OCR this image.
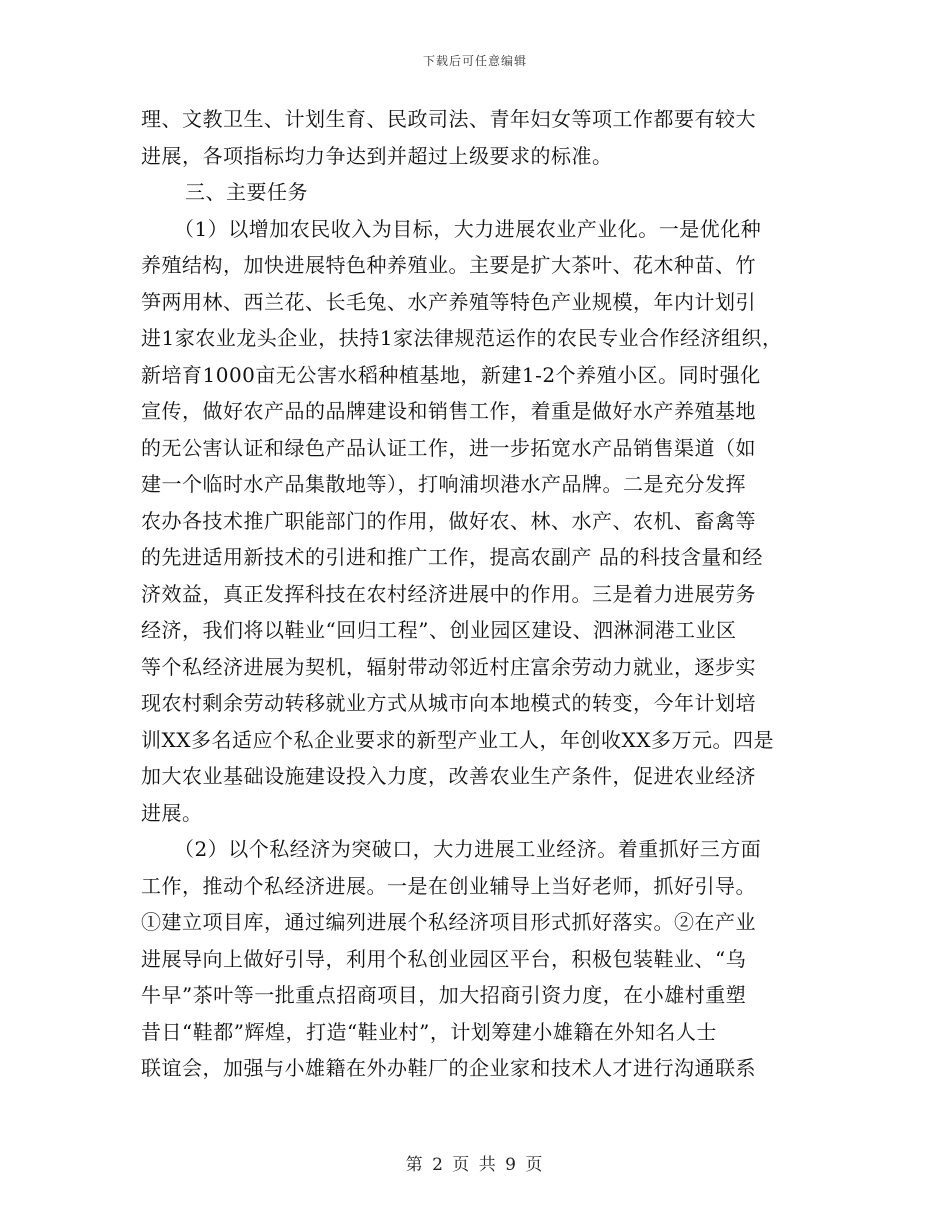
下载后可任意编辑
理、文教卫生、计划生育、民政司法、青年妇女等项工作都要有较大
进展，各项指标均力争达到并超过上级要求的标准。
三、主要任务
（1）以增加农民收入为目标，大力进展农业产业化。一是优化种
养殖结构，加快进展特色种养殖业。主要是扩大茶叶、花木种苗、竹
笋两用林、西兰花、长毛兔、水产养殖等特色产业规模，年内计划引
进1家农业龙头企业，扶持1家法律规范运作的农民专业合作经济组织，
新培育1000亩无公害水稻种植基地，新建1-2个养殖小区。同时强化
宣传，做好农产品的品牌建设和销售工作，着重是做好水产养殖基地
的无公害认证和绿色产品认证工作，进一步拓宽水产品销售渠道（如
建一个临时水产品集散地等），打响浦坝港水产品牌。二是充分发挥
农办各技术推广职能部门的作用，做好农、林、水产、农机、畜禽等
的先进适用新技术的引进和推广工作，提高农副产 品的科技含量和经
济效益，真正发挥科技在农村经济进展中的作用。三是着力进展劳务
经济，我们将以鞋业“回归工程”、创业园区建设、泗淋洞港工业区
等个私经济进展为契机，辐射带动邻近村庄富余劳动力就业，逐步实
现农村剩余劳动转移就业方式从城市向本地模式的转变，今年计划培
训XX多名适应个私企业要求的新型产业工人，年创收XX多万元。四是
加大农业基础设施建设投入力度，改善农业生产条件，促进农业经济
进展。
（2）以个私经济为突破口，大力进展工业经济。着重抓好三方面
工作，推动个私经济进展。一是在创业辅导上当好老师，抓好引导。
①建立项目库，通过编列进展个私经济项目形式抓好落实。②在产业
进展导向上做好引导，利用个私创业园区平台，积极包装鞋业、“乌
牛早”茶叶等一批重点招商项目，加大招商引资力度，在小雄村重塑
昔日“鞋都”辉煌，打造“鞋业村”，计划筹建小雄籍在外知名人士
联谊会，加强与小雄籍在外办鞋厂的企业家和技术人才进行沟通联系
第 2 页 共 9 页
